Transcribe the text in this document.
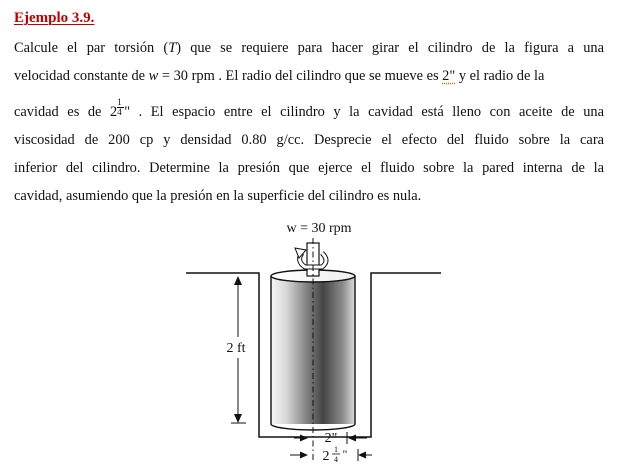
Ejemplo 3.9.
Calcule el par torsión (T) que se requiere para hacer girar el cilindro de la figura a una
velocidad constante de w = 30 rpm . El radio del cilindro que se mueve es 2" y el radio de la
cavidad es de $2 \frac{1}{4}$ " . El espacio entre el cilindro y la cavidad está lleno con aceite de una
viscosidad de 200 cp y densidad 0.80 g/cc. Desprecie el efecto del fluido sobre la cara
inferior del cilindro. Determine la presión que ejerce el fluido sobre la pared interna de la
cavidad, asumiendo que la presión en la superficie del cilindro es nula.
w = 30 rpm
2 ft
2"
2 1
4 "
